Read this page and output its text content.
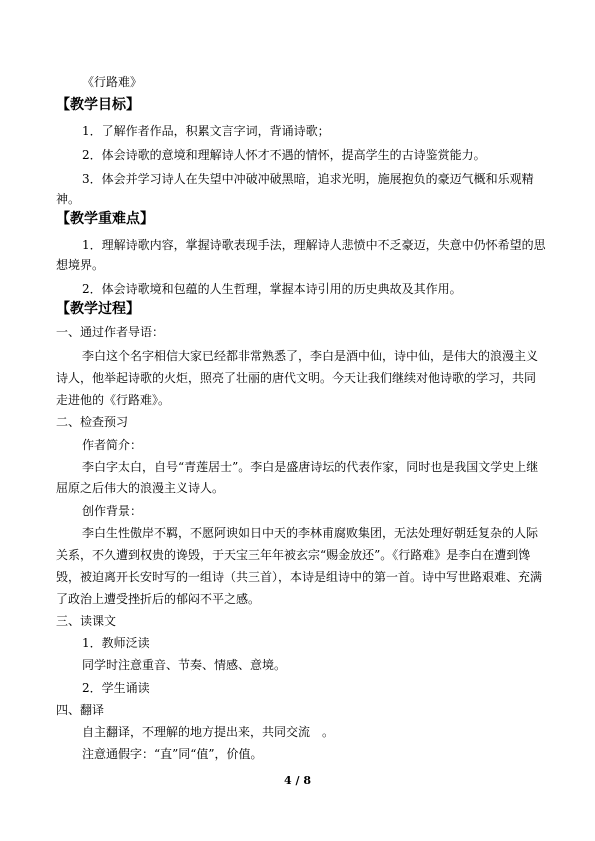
《行路难》
【教学目标】
1．了解作者作品，积累文言字词，背诵诗歌；
2．体会诗歌的意境和理解诗人怀才不遇的情怀，提高学生的古诗鉴赏能力。
3．体会并学习诗人在失望中冲破冲破黑暗，追求光明，施展抱负的豪迈气概和乐观精
神。
【教学重难点】
1．理解诗歌内容，掌握诗歌表现手法，理解诗人悲愤中不乏豪迈，失意中仍怀希望的思
想境界。
2．体会诗歌境和包蕴的人生哲理，掌握本诗引用的历史典故及其作用。
【教学过程】
一、通过作者导语：
李白这个名字相信大家已经都非常熟悉了，李白是酒中仙，诗中仙，是伟大的浪漫主义
诗人，他举起诗歌的火炬，照亮了壮丽的唐代文明。今天让我们继续对他诗歌的学习，共同
走进他的《行路难》。
二、检查预习
作者简介：
李白字太白，自号“青莲居士”。李白是盛唐诗坛的代表作家，同时也是我国文学史上继
屈原之后伟大的浪漫主义诗人。
创作背景：
李白生性傲岸不羁，不愿阿谀如日中天的李林甫腐败集团，无法处理好朝廷复杂的人际
关系，不久遭到权贵的谗毁，于天宝三年年被玄宗“赐金放还”。《行路难》是李白在遭到馋
毁，被迫离开长安时写的一组诗（共三首），本诗是组诗中的第一首。诗中写世路艰难、充满
了政治上遭受挫折后的郁闷不平之感。
三、读课文
1．教师泛读
同学时注意重音、节奏、情感、意境。
2．学生诵读
四、翻译
自主翻译，不理解的地方提出来，共同交流　。
注意通假字：“直”同“值”，价值。
4 / 8
